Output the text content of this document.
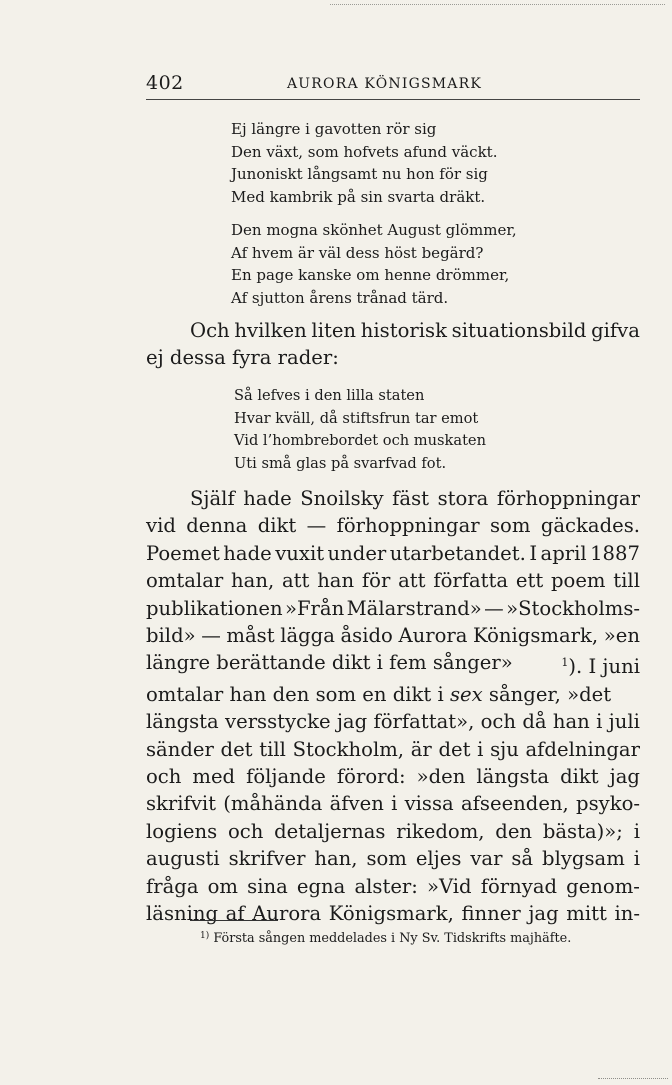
402	AURORA KÖNIGSMARK
Ej längre i gavotten rör sig
Den växt, som hofvets afund väckt.
Junoniskt långsamt nu hon för sig
Med kambrik på sin svarta dräkt.
Den mogna skönhet August glömmer,
Af hvem är väl dess höst begärd?
En page kanske om henne drömmer,
Af sjutton årens trånad tärd.
Och hvilken liten historisk situationsbild gifva
ej dessa fyra rader:
Så lefves i den lilla staten
Hvar kväll, då stiftsfrun tar emot
Vid l’hombrebordet och muskaten
Uti små glas på svarfvad fot.
Själf hade Snoilsky fäst stora förhoppningar
vid denna dikt — förhoppningar som gäckades.
Poemet hade vuxit under utarbetandet. I april 1887
omtalar han, att han för att författa ett poem till
publikationen »Från Mälarstrand» — »Stockholms-
bild» — måst lägga åsido Aurora Königsmark, »en
längre berättande dikt i fem sånger»	1). I juni
omtalar han den som en dikt i sex sånger, »det
längsta versstycke jag författat», och då han i juli
sänder det till Stockholm, är det i sju afdelningar
och med följande förord: »den längsta dikt jag
skrifvit (måhända äfven i vissa afseenden, psyko-
logiens och detaljernas rikedom, den bästa)»; i
augusti skrifver han, som eljes var så blygsam i
fråga om sina egna alster: »Vid förnyad genom-
läsning af Aurora Königsmark, finner jag mitt in-
$^{1)}$ Första sången meddelades i Ny Sv. Tidskrifts majhäfte.
